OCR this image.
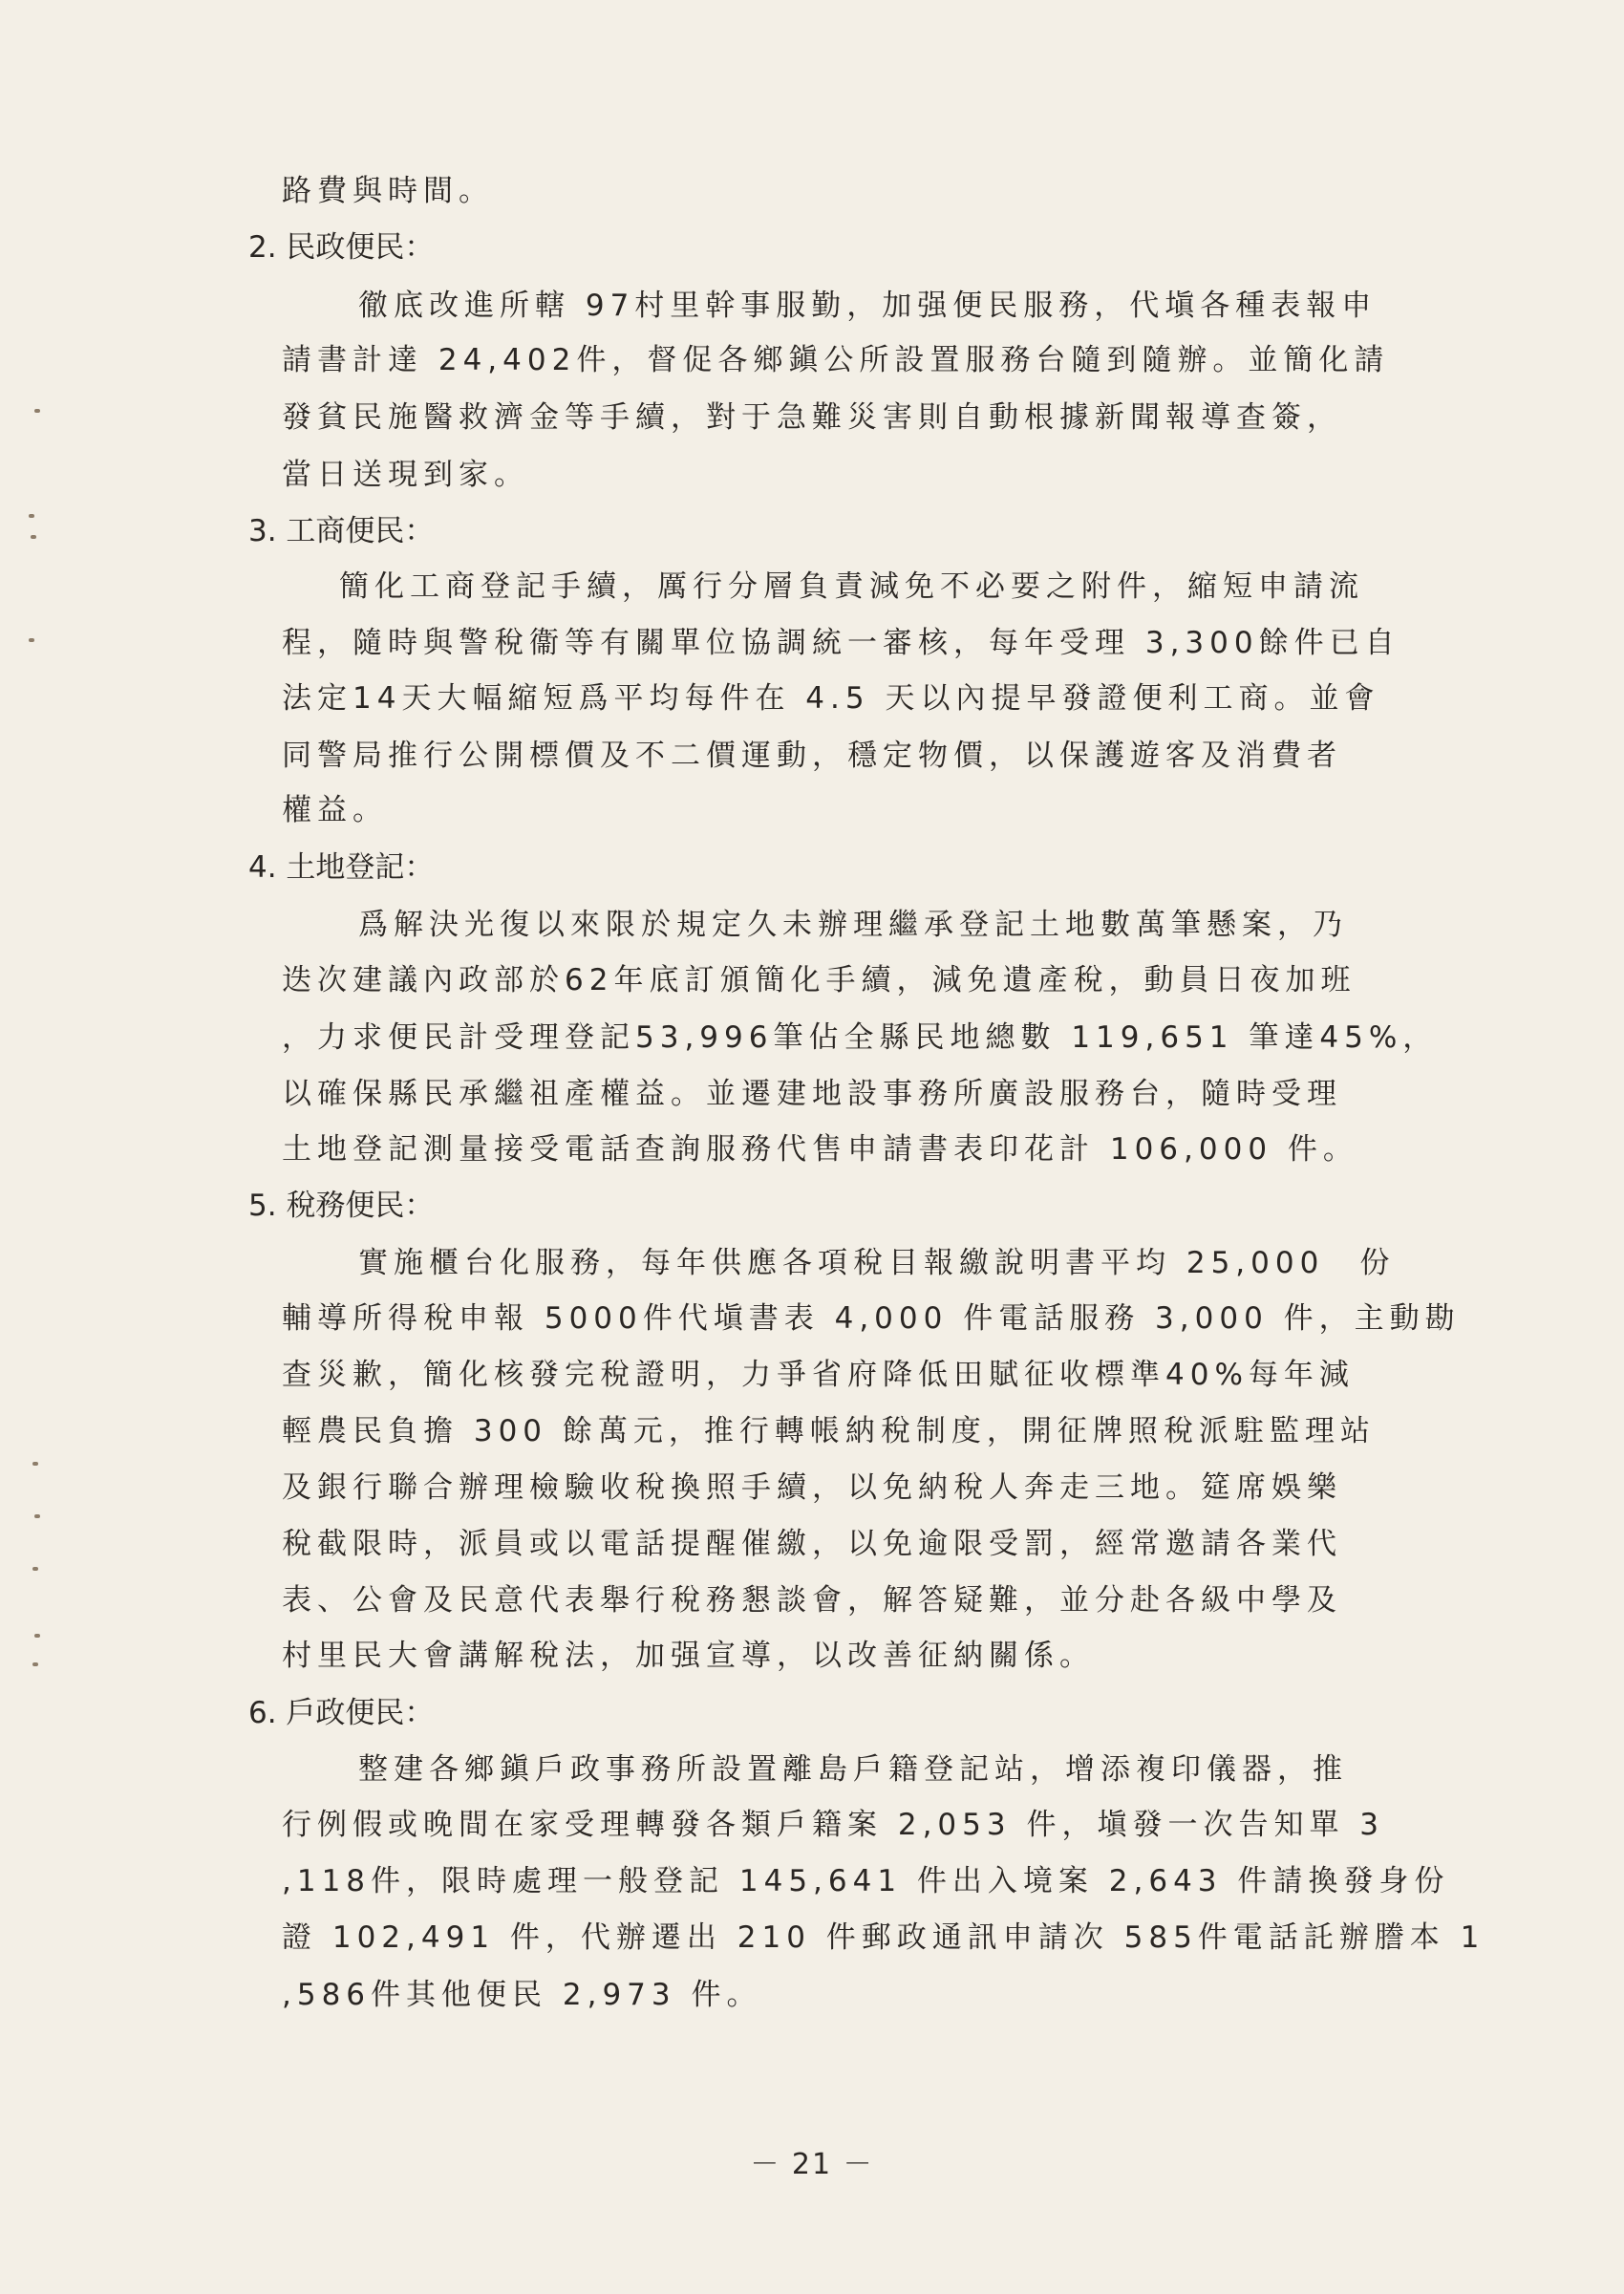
路費與時間。
2. 民政便民：
徹底改進所轄 97村里幹事服勤，加强便民服務，代塡各種表報申
請書計達 24,402件，督促各鄉鎭公所設置服務台隨到隨辦。並簡化請
發貧民施醫救濟金等手續，對于急難災害則自動根據新聞報導查簽，
當日送現到家。
3. 工商便民：
簡化工商登記手續，厲行分層負責減免不必要之附件，縮短申請流
程，隨時與警稅衞等有關單位協調統一審核，每年受理 3,300餘件已自
法定14天大幅縮短爲平均每件在 4.5 天以內提早發證便利工商。並會
同警局推行公開標價及不二價運動，穩定物價，以保護遊客及消費者
權益。
4. 土地登記：
爲解決光復以來限於規定久未辦理繼承登記土地數萬筆懸案，乃
迭次建議內政部於62年底訂頒簡化手續，減免遺產稅，動員日夜加班
，力求便民計受理登記53,996筆佔全縣民地總數 119,651 筆達45%，
以確保縣民承繼祖產權益。並遷建地設事務所廣設服務台，隨時受理
土地登記測量接受電話查詢服務代售申請書表印花計 106,000 件。
5. 稅務便民：
實施櫃台化服務，每年供應各項稅目報繳說明書平均 25,000　份
輔導所得稅申報 5000件代塡書表 4,000 件電話服務 3,000 件，主動勘
查災歉，簡化核發完稅證明，力爭省府降低田賦征收標準40%每年減
輕農民負擔 300 餘萬元，推行轉帳納稅制度，開征牌照稅派駐監理站
及銀行聯合辦理檢驗收稅換照手續，以免納稅人奔走三地。筵席娛樂
稅截限時，派員或以電話提醒催繳，以免逾限受罰，經常邀請各業代
表、公會及民意代表舉行稅務懇談會，解答疑難，並分赴各級中學及
村里民大會講解稅法，加强宣導，以改善征納關係。
6. 戶政便民：
整建各鄉鎭戶政事務所設置離島戶籍登記站，增添複印儀器，推
行例假或晚間在家受理轉發各類戶籍案 2,053 件，塡發一次告知單 3
,118件，限時處理一般登記 145,641 件出入境案 2,643 件請換發身份
證 102,491 件，代辦遷出 210 件郵政通訊申請次 585件電話託辦謄本 1
,586件其他便民 2,973 件。
－ 21 －
